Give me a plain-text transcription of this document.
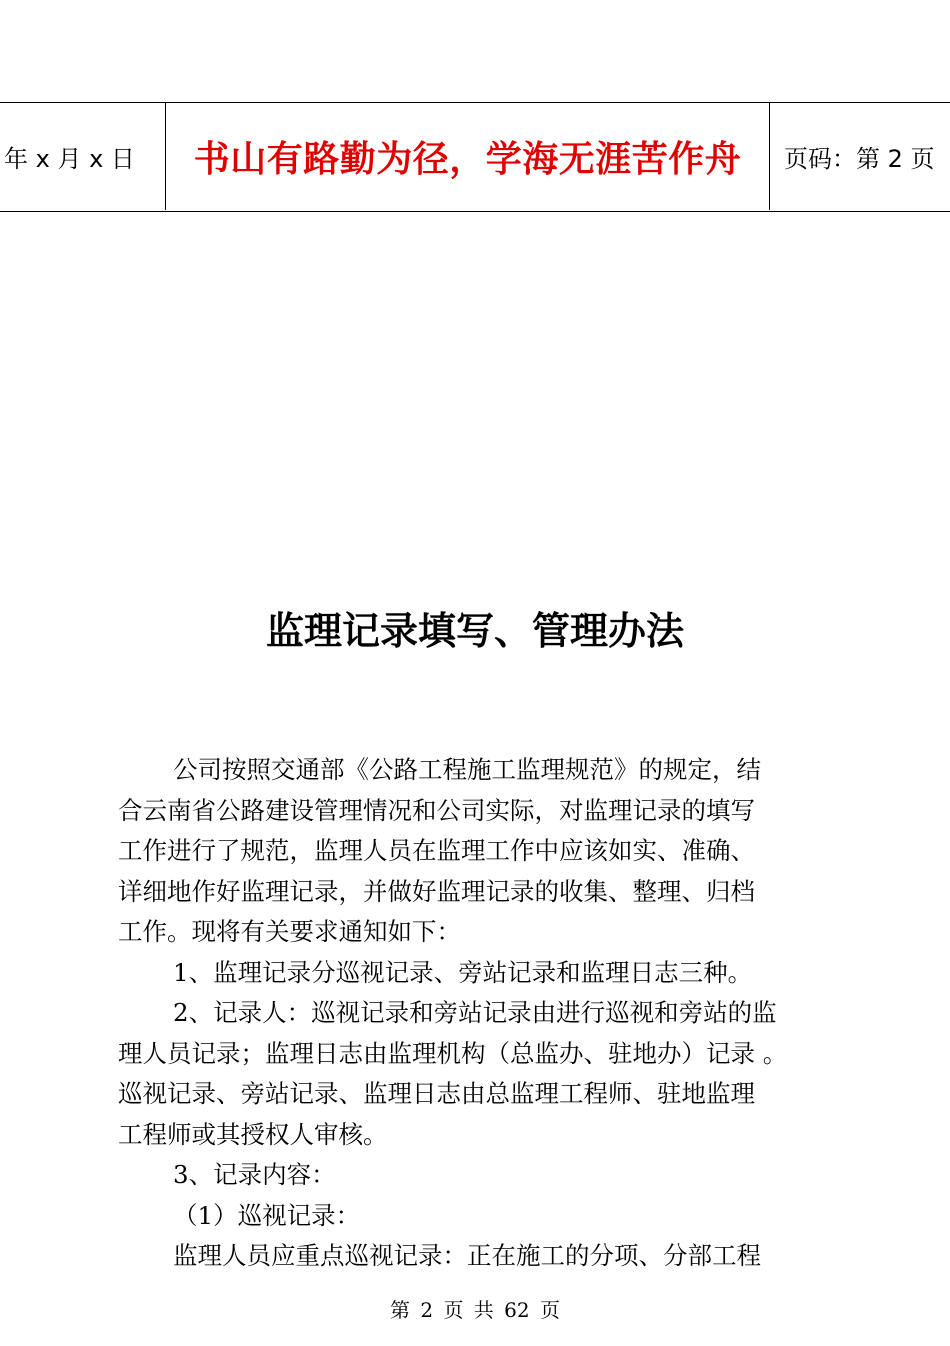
年 x 月 x 日	书山有路勤为径，学海无涯苦作舟	页码：第 2 页
监理记录填写、管理办法
公司按照交通部《公路工程施工监理规范》的规定，结
合云南省公路建设管理情况和公司实际，对监理记录的填写
工作进行了规范，监理人员在监理工作中应该如实、准确、
详细地作好监理记录，并做好监理记录的收集、整理、归档
工作。现将有关要求通知如下：
1、监理记录分巡视记录、旁站记录和监理日志三种。
2、记录人：巡视记录和旁站记录由进行巡视和旁站的监
理人员记录；监理日志由监理机构（总监办、驻地办）记录 。
巡视记录、旁站记录、监理日志由总监理工程师、驻地监理
工程师或其授权人审核。
3、记录内容：
（1）巡视记录：
监理人员应重点巡视记录：正在施工的分项、分部工程
第 2 页 共 62 页
